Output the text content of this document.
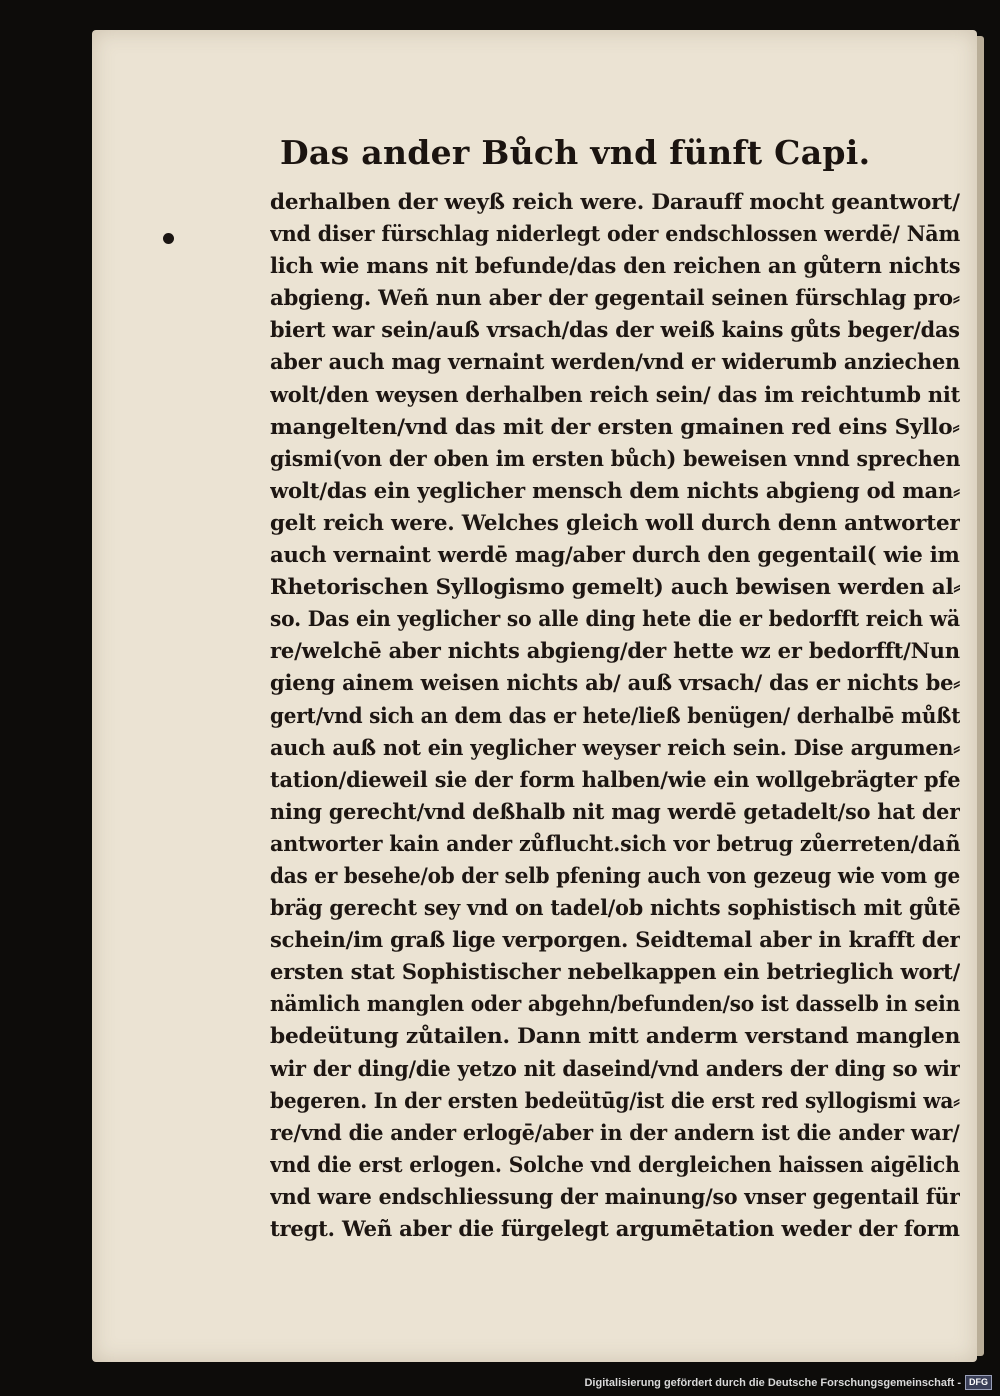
Das ander Bůch vnd fünft Capi.
derhalben der weyß reich were. Darauff mocht geantwort/
vnd diser fürschlag niderlegt oder endschlossen werdē/ Nām
lich wie mans nit befunde/das den reichen an gůtern nichts
abgieng. Weñ nun aber der gegentail seinen fürschlag pro⸗
biert war sein/auß vrsach/das der weiß kains gůts beger/das
aber auch mag vernaint werden/vnd er widerumb anziechen
wolt/den weysen derhalben reich sein/ das im reichtumb nit
mangelten/vnd das mit der ersten gmainen red eins Syllo⸗
gismi(von der oben im ersten bůch) beweisen vnnd sprechen
wolt/das ein yeglicher mensch dem nichts abgieng od man⸗
gelt reich were. Welches gleich woll durch denn antworter
auch vernaint werdē mag/aber durch den gegentail( wie im
Rhetorischen Syllogismo gemelt) auch bewisen werden al⸗
so. Das ein yeglicher so alle ding hete die er bedorfft reich wä
re/welchē aber nichts abgieng/der hette wz er bedorfft/Nun
gieng ainem weisen nichts ab/ auß vrsach/ das er nichts be⸗
gert/vnd sich an dem das er hete/ließ benügen/ derhalbē můßt
auch auß not ein yeglicher weyser reich sein. Dise argumen⸗
tation/dieweil sie der form halben/wie ein wollgebrägter pfe
ning gerecht/vnd deßhalb nit mag werdē getadelt/so hat der
antworter kain ander zůflucht.sich vor betrug zůerreten/dañ
das er besehe/ob der selb pfening auch von gezeug wie vom ge
bräg gerecht sey vnd on tadel/ob nichts sophistisch mit gůtē
schein/im graß lige verporgen. Seidtemal aber in krafft der
ersten stat Sophistischer nebelkappen ein betrieglich wort/
nämlich manglen oder abgehn/befunden/so ist dasselb in sein
bedeütung zůtailen. Dann mitt anderm verstand manglen
wir der ding/die yetzo nit daseind/vnd anders der ding so wir
begeren. In der ersten bedeütūg/ist die erst red syllogismi wa⸗
re/vnd die ander erlogē/aber in der andern ist die ander war/
vnd die erst erlogen. Solche vnd dergleichen haissen aigēlich
vnd ware endschliessung der mainung/so vnser gegentail für
tregt. Weñ aber die fürgelegt argumētation weder der form
Digitalisierung gefördert durch die Deutsche Forschungsgemeinschaft - DFG
